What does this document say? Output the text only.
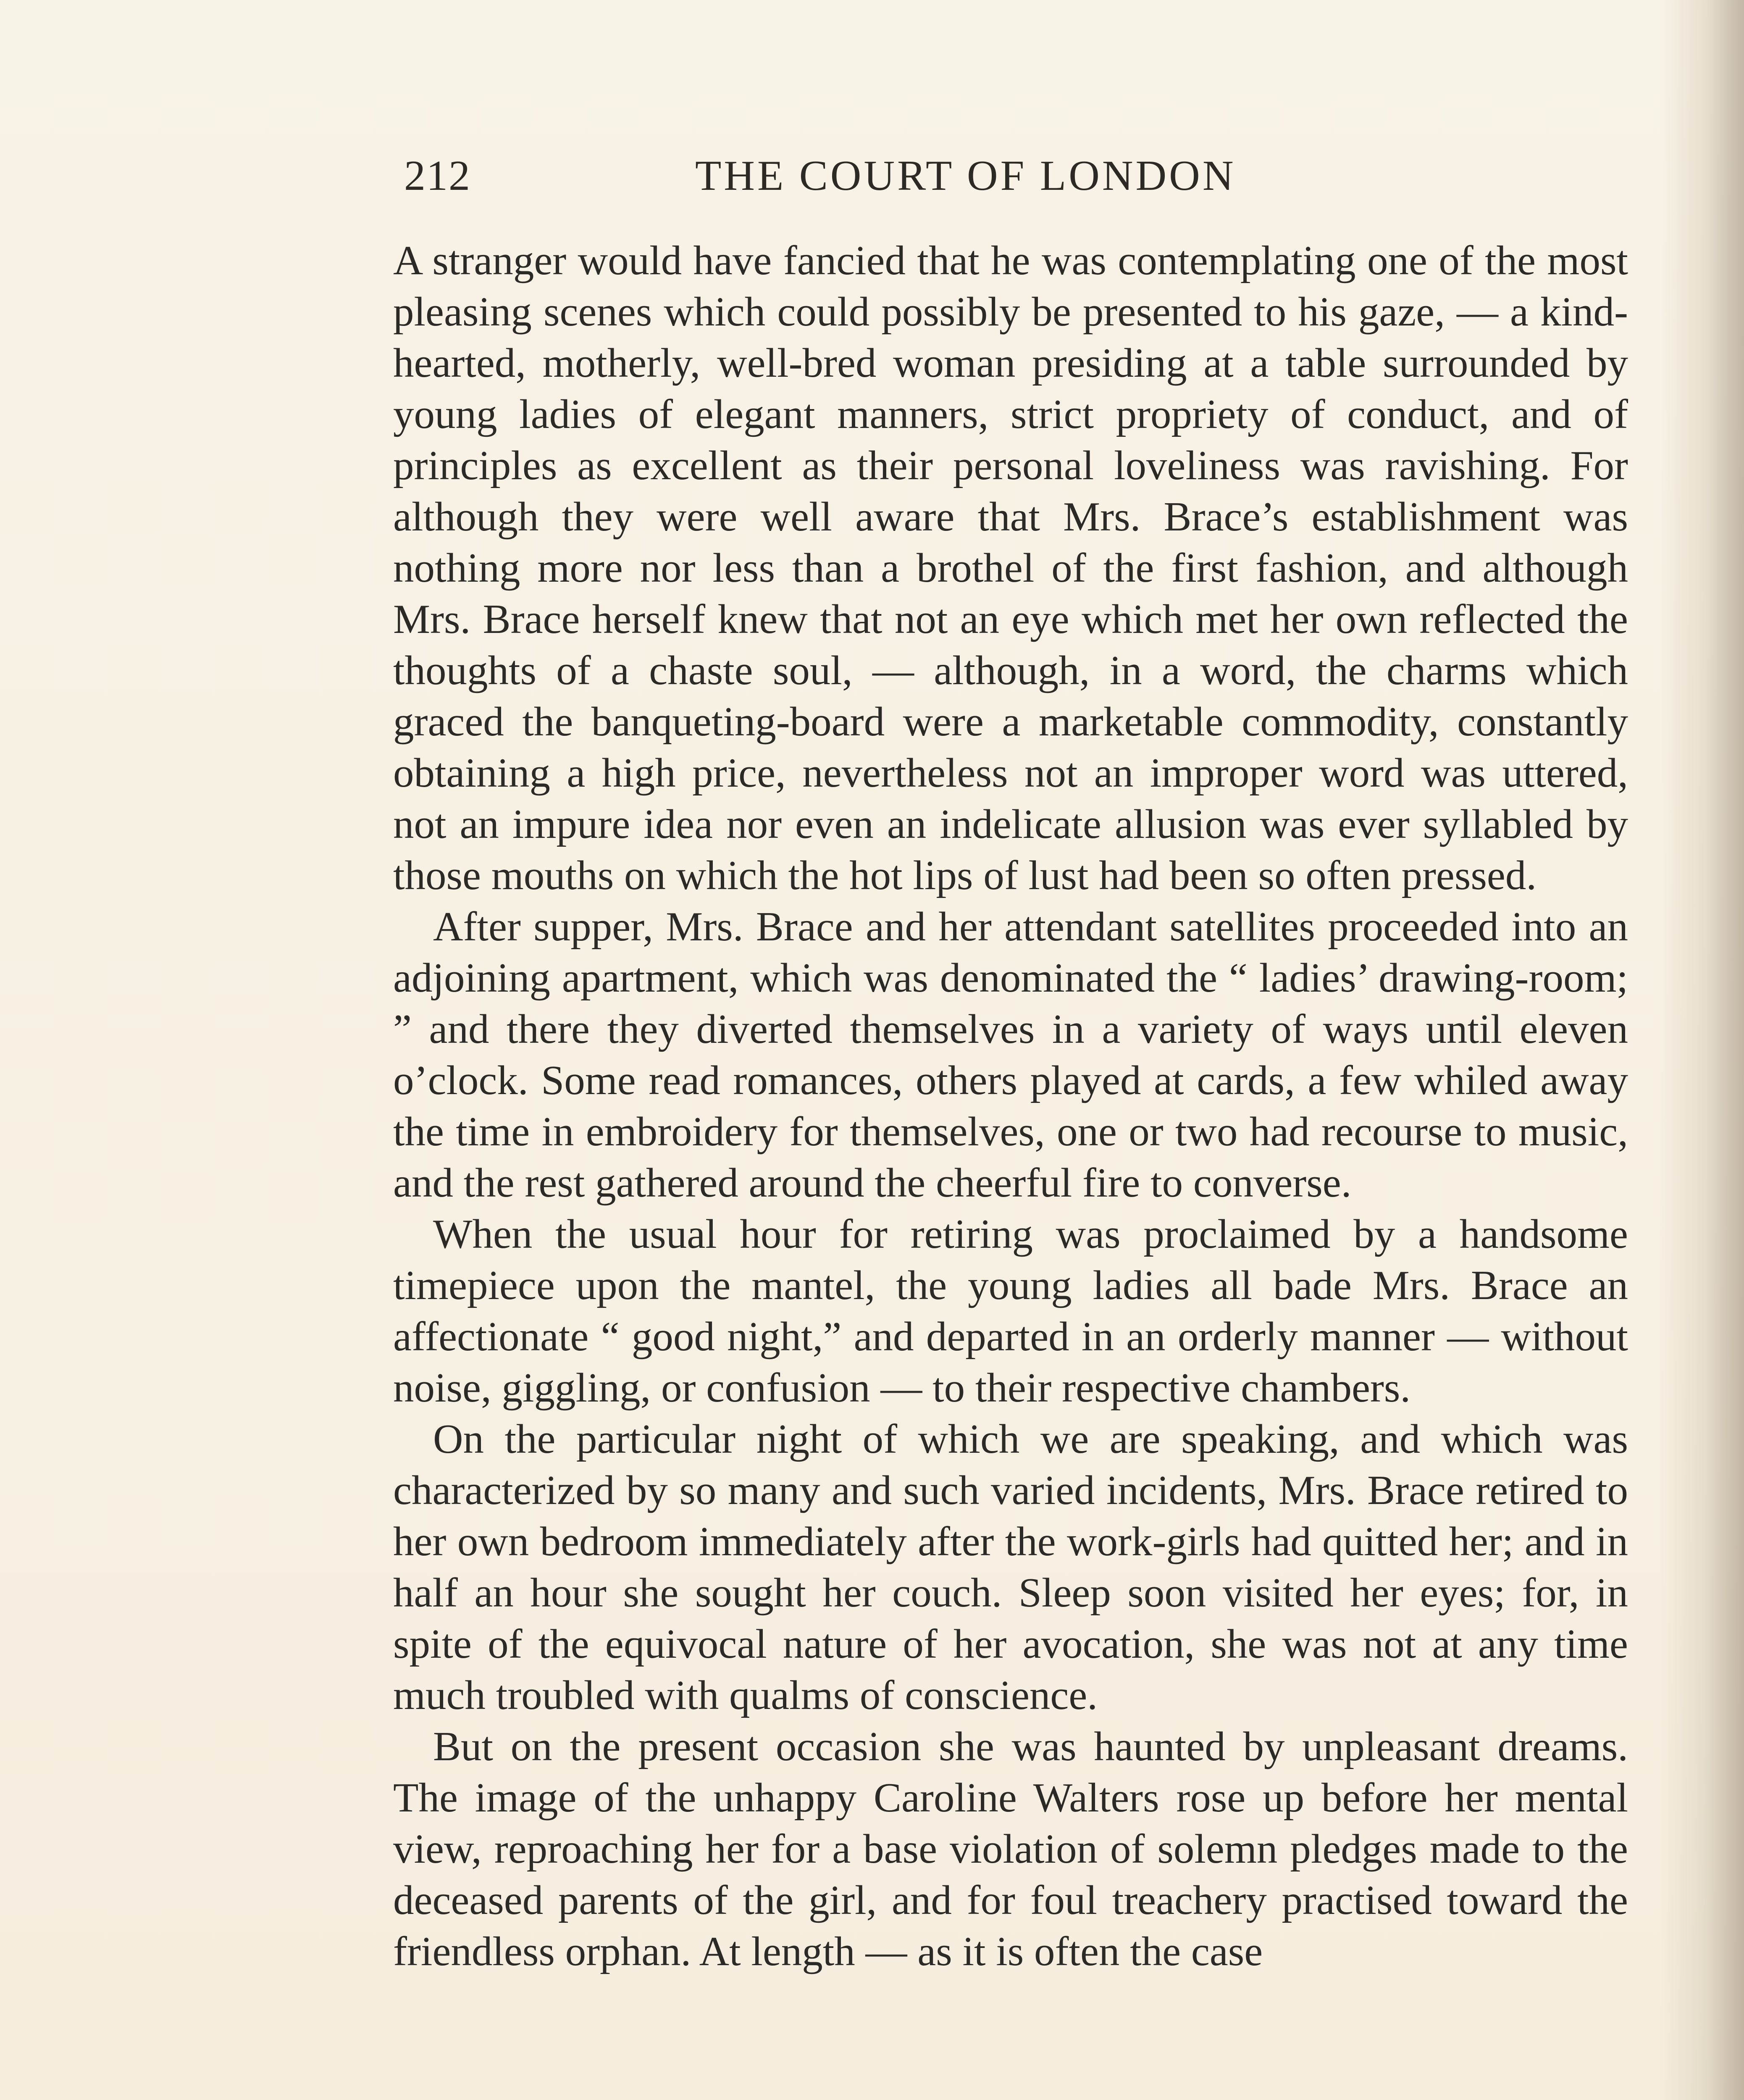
212	THE COURT OF LONDON

A stranger would have fancied that he was contemplating one of the most pleasing scenes which could possibly be presented to his gaze, — a kind-hearted, motherly, well-bred woman presiding at a table surrounded by young ladies of elegant manners, strict propriety of conduct, and of principles as excellent as their personal loveliness was ravishing. For although they were well aware that Mrs. Brace’s establishment was nothing more nor less than a brothel of the first fashion, and although Mrs. Brace herself knew that not an eye which met her own reflected the thoughts of a chaste soul, — although, in a word, the charms which graced the banqueting-board were a marketable commodity, constantly obtaining a high price, nevertheless not an improper word was uttered, not an impure idea nor even an indelicate allusion was ever syllabled by those mouths on which the hot lips of lust had been so often pressed.

After supper, Mrs. Brace and her attendant satellites proceeded into an adjoining apartment, which was denominated the “ ladies’ drawing-room; ” and there they diverted themselves in a variety of ways until eleven o’clock. Some read romances, others played at cards, a few whiled away the time in embroidery for themselves, one or two had recourse to music, and the rest gathered around the cheerful fire to converse.

When the usual hour for retiring was proclaimed by a handsome timepiece upon the mantel, the young ladies all bade Mrs. Brace an affectionate “ good night,” and departed in an orderly manner — without noise, giggling, or confusion — to their respective chambers.

On the particular night of which we are speaking, and which was characterized by so many and such varied incidents, Mrs. Brace retired to her own bedroom immediately after the work-girls had quitted her; and in half an hour she sought her couch. Sleep soon visited her eyes; for, in spite of the equivocal nature of her avocation, she was not at any time much troubled with qualms of conscience.

But on the present occasion she was haunted by unpleasant dreams. The image of the unhappy Caroline Walters rose up before her mental view, reproaching her for a base violation of solemn pledges made to the deceased parents of the girl, and for foul treachery practised toward the friendless orphan. At length — as it is often the case
